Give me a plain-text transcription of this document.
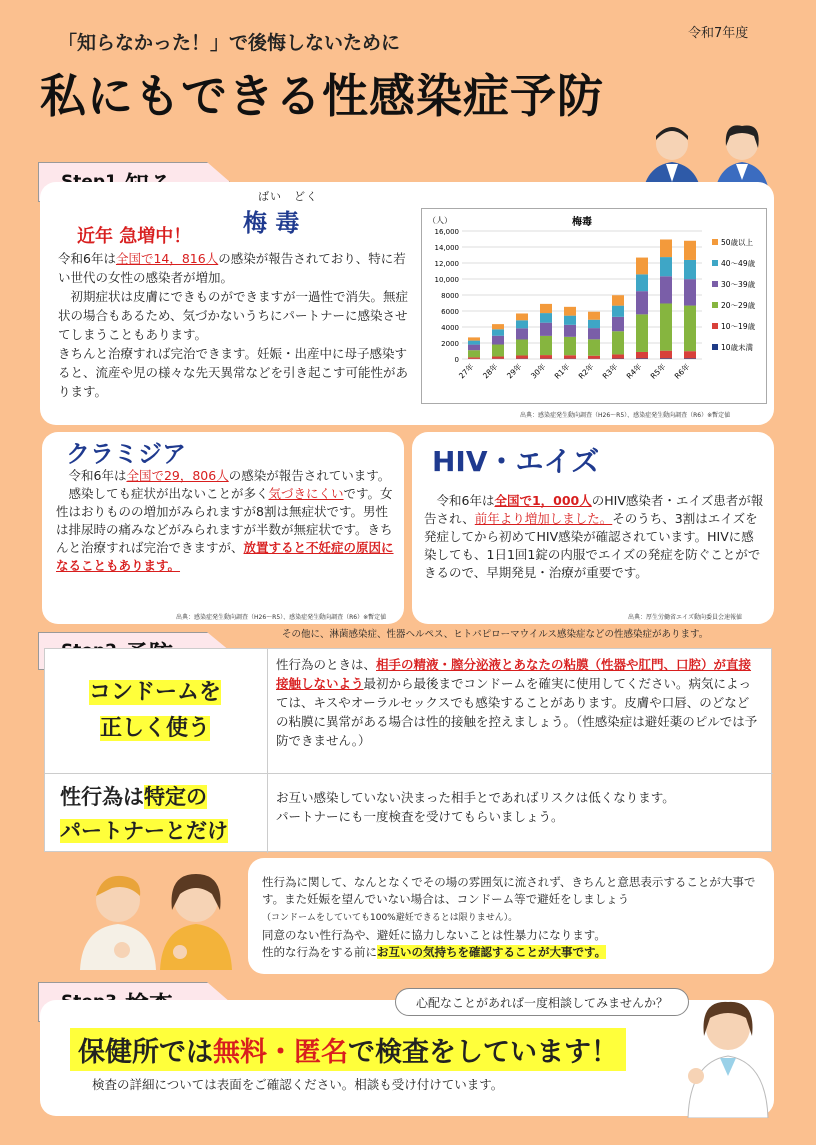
「知らなかった！」で後悔しないために	令和7年度
私にもできる性感染症予防
ばい　どく
梅 毒
近年 急増中！
令和6年は全国で14，816人の感染が報告されており、特に若い世代の女性の感染者が増加。
　初期症状は皮膚にできものができますが一過性で消失。無症状の場合もあるため、気づかないうちにパートナーに感染させてしまうこともあります。
きちんと治療すれば完治できます。妊娠・出産中に母子感染すると、流産や児の様々な先天異常などを引き起こす可能性があります。
梅毒
（人）
0
2000
4000
6000
8000
10,000
12,000
14,000
16,000
27年 28年 29年 30年 R1年 R2年 R3年 R4年 R5年 R6年
50歳以上
40～49歳
30～39歳
20～29歳
10～19歳
10歳未満
出典：感染症発生動向調査（H26～R5）、感染症発生動向調査（R6）※暫定値
クラミジア
　令和6年は全国で29，806人の感染が報告されています。
　感染しても症状が出ないことが多く気づきにくいです。女性はおりものの増加がみられますが8割は無症状です。男性は排尿時の痛みなどがみられますが半数が無症状です。きちんと治療すれば完治できますが、放置すると不妊症の原因になることもあります。
出典：感染症発生動向調査（H26～R5）、感染症発生動向調査（R6）※暫定値
HIV・エイズ
　令和6年は全国で1，000人のHIV感染者・エイズ患者が報告され、前年より増加しました。そのうち、3割はエイズを発症してから初めてHIV感染が確認されています。HIVに感染しても、1日1回1錠の内服でエイズの発症を防ぐことができるので、早期発見・治療が重要です。
出典：厚生労働省エイズ動向委員会速報値
その他に、淋菌感染症、性器ヘルペス、ヒトパピローマウイルス感染症などの性感染症があります。
コンドームを
正しく使う
性行為のときは、相手の精液・膣分泌液とあなたの粘膜（性器や肛門、口腔）が直接接触しないよう最初から最後までコンドームを確実に使用してください。病気によっては、キスやオーラルセックスでも感染することがあります。皮膚や口唇、のどなどの粘膜に異常がある場合は性的接触を控えましょう。（性感染症は避妊薬のピルでは予防できません。）
性行為は特定の
パートナーとだけ
お互い感染していない決まった相手とであればリスクは低くなります。
パートナーにも一度検査を受けてもらいましょう。
性行為に関して、なんとなくでその場の雰囲気に流されず、きちんと意思表示することが大事です。また妊娠を望んでいない場合は、コンドーム等で避妊をしましょう
（コンドームをしていても100%避妊できるとは限りません）。
同意のない性行為や、避妊に協力しないことは性暴力になります。
性的な行為をする前にお互いの気持ちを確認することが大事です。
心配なことがあれば一度相談してみませんか？
保健所では無料・匿名で検査をしています！
検査の詳細については表面をご確認ください。相談も受け付けています。
